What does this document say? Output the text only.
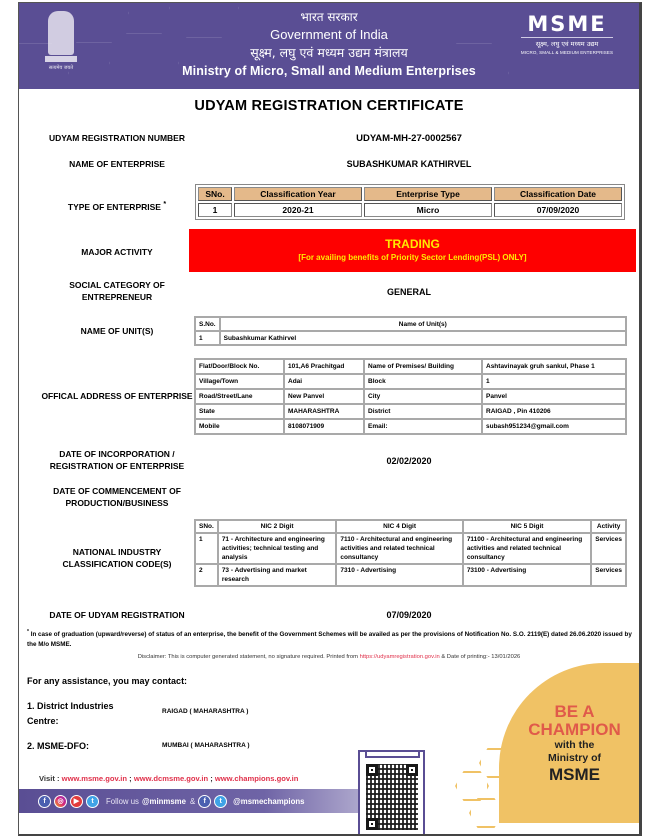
सत्यमेव जयते
भारत सरकार
Government of India
सूक्ष्म, लघु एवं मध्यम उद्यम मंत्रालय
Ministry of Micro, Small and Medium Enterprises
MSME
सूक्ष्म, लघु एवं मध्यम उद्यम
MICRO, SMALL & MEDIUM ENTERPRISES
UDYAM REGISTRATION CERTIFICATE
UDYAM REGISTRATION NUMBER	UDYAM-MH-27-0002567
NAME OF ENTERPRISE	SUBASHKUMAR KATHIRVEL
TYPE OF ENTERPRISE *
SNo.	Classification Year	Enterprise Type	Classification Date
1	2020-21	Micro	07/09/2020
MAJOR ACTIVITY
TRADING
[For availing benefits of Priority Sector Lending(PSL) ONLY]
SOCIAL CATEGORY OF
ENTREPRENEUR	GENERAL
NAME OF UNIT(S)
S.No.	Name of Unit(s)
1	Subashkumar Kathirvel
OFFICAL ADDRESS OF ENTERPRISE
Flat/Door/Block No.	101,A6 Prachitgad	Name of Premises/ Building	Ashtavinayak gruh sankul, Phase 1
Village/Town	Adai	Block	1
Road/Street/Lane	New Panvel	City	Panvel
State	MAHARASHTRA	District	RAIGAD , Pin 410206
Mobile	8108071909	Email:	subash951234@gmail.com
DATE OF INCORPORATION /
REGISTRATION OF ENTERPRISE	02/02/2020
DATE OF COMMENCEMENT OF
PRODUCTION/BUSINESS
NATIONAL INDUSTRY
CLASSIFICATION CODE(S)
SNo.	NIC 2 Digit	NIC 4 Digit	NIC 5 Digit	Activity
1	71 - Architecture and engineering activities; technical testing and analysis	7110 - Architectural and engineering activities and related technical consultancy	71100 - Architectural and engineering activities and related technical consultancy	Services
2	73 - Advertising and market research	7310 - Advertising	73100 - Advertising	Services
DATE OF UDYAM REGISTRATION	07/09/2020
* In case of graduation (upward/reverse) of status of an enterprise, the benefit of the Government Schemes will be availed as per the provisions of Notification No. S.O. 2119(E) dated 26.06.2020 issued by the M/o MSME.
Disclaimer: This is computer generated statement, no signature required. Printed from https://udyamregistration.gov.in & Date of printing:- 13/01/2026
For any assistance, you may contact:
1. District Industries Centre:
RAIGAD ( MAHARASHTRA )
2. MSME-DFO:	MUMBAI ( MAHARASHTRA )
BE A
CHAMPION
with the
Ministry of
MSME
Visit : www.msme.gov.in ; www.dcmsme.gov.in ; www.champions.gov.in
f	◎	▶	t	Follow us @minmsme &	f	t	@msmechampions
